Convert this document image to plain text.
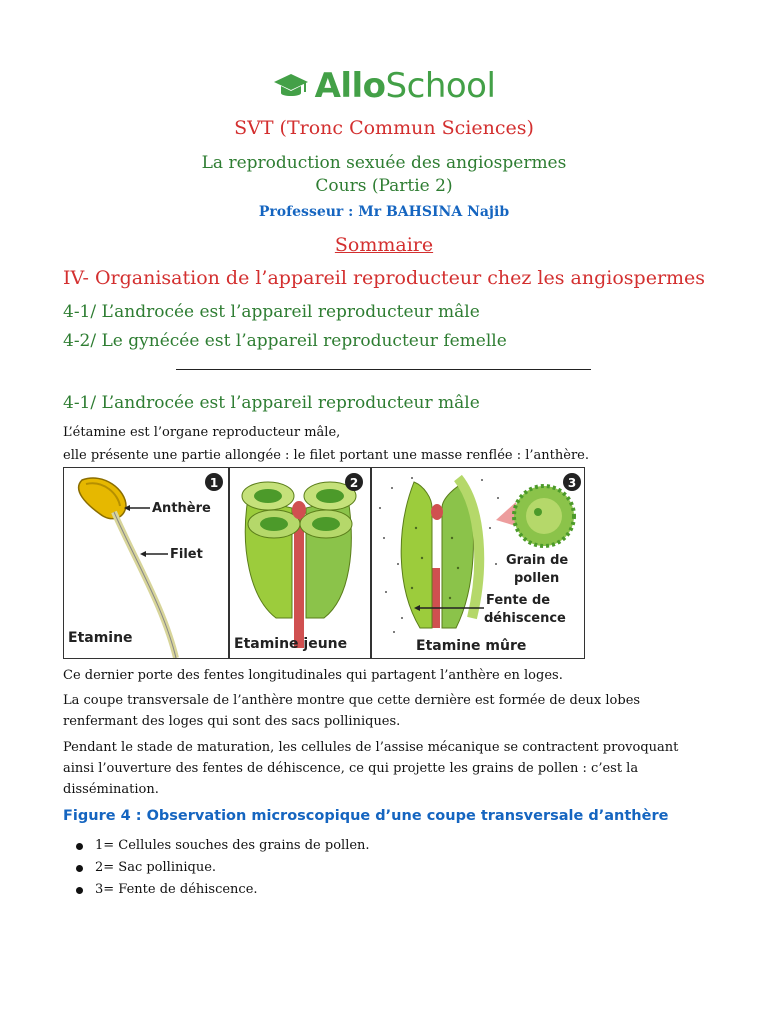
AlloSchool
SVT (Tronc Commun Sciences)
La reproduction sexuée des angiospermes
Cours (Partie 2)
Professeur : Mr BAHSINA Najib
Sommaire
IV- Organisation de l’appareil reproducteur chez les angiospermes
4-1/ L’androcée est l’appareil reproducteur mâle
4-2/ Le gynécée est l’appareil reproducteur femelle
4-1/ L’androcée est l’appareil reproducteur mâle
L’étamine est l’organe reproducteur mâle,
elle présente une partie allongée : le filet portant une masse renflée : l’anthère.
1
Anthère
Filet
Etamine
2
Etamine jeune
3
Grain de
pollen
Fente de
déhiscence
Etamine mûre
Ce dernier porte des fentes longitudinales qui partagent l’anthère en loges.
La coupe transversale de l’anthère montre que cette dernière est formée de deux lobes
renfermant des loges qui sont des sacs polliniques.
Pendant le stade de maturation, les cellules de l’assise mécanique se contractent provoquant
ainsi l’ouverture des fentes de déhiscence, ce qui projette les grains de pollen : c’est la
dissémination.
Figure 4 : Observation microscopique d’une coupe transversale d’anthère
1= Cellules souches des grains de pollen.
2= Sac pollinique.
3= Fente de déhiscence.
